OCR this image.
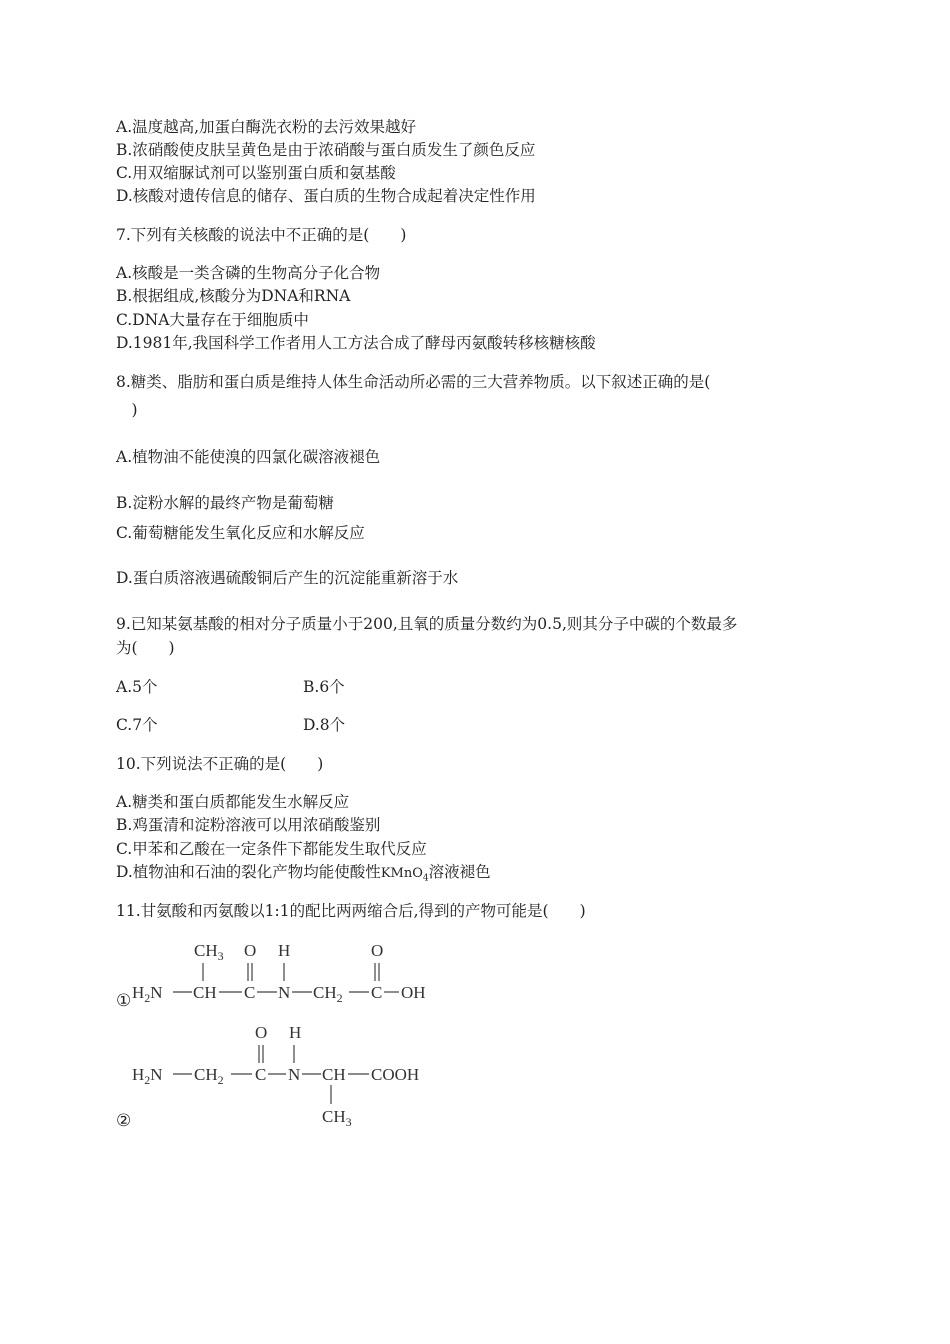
A.温度越高,加蛋白酶洗衣粉的去污效果越好
B.浓硝酸使皮肤呈黄色是由于浓硝酸与蛋白质发生了颜色反应
C.用双缩脲试剂可以鉴别蛋白质和氨基酸
D.核酸对遗传信息的储存、蛋白质的生物合成起着决定性作用
7.下列有关核酸的说法中不正确的是(　　)
A.核酸是一类含磷的生物高分子化合物
B.根据组成,核酸分为DNA和RNA
C.DNA大量存在于细胞质中
D.1981年,我国科学工作者用人工方法合成了酵母丙氨酸转移核糖核酸
8.糖类、脂肪和蛋白质是维持人体生命活动所必需的三大营养物质。以下叙述正确的是(
　)
A.植物油不能使溴的四氯化碳溶液褪色
B.淀粉水解的最终产物是葡萄糖
C.葡萄糖能发生氧化反应和水解反应
D.蛋白质溶液遇硫酸铜后产生的沉淀能重新溶于水
9.已知某氨基酸的相对分子质量小于200,且氧的质量分数约为0.5,则其分子中碳的个数最多
为(　　)
A.5个	B.6个
C.7个	D.8个
10.下列说法不正确的是(　　)
A.糖类和蛋白质都能发生水解反应
B.鸡蛋清和淀粉溶液可以用浓硝酸鉴别
C.甲苯和乙酸在一定条件下都能发生取代反应
D.植物油和石油的裂化产物均能使酸性KMnO$_4$溶液褪色
11.甘氨酸和丙氨酸以1:1的配比两两缩合后,得到的产物可能是(　　)
①
$CH_3$ O H	O
$H_2N$ CH C N $CH_2$ C OH
O H
$H_2N$ $CH_2$ C N CH COOH
$CH_3$
②
